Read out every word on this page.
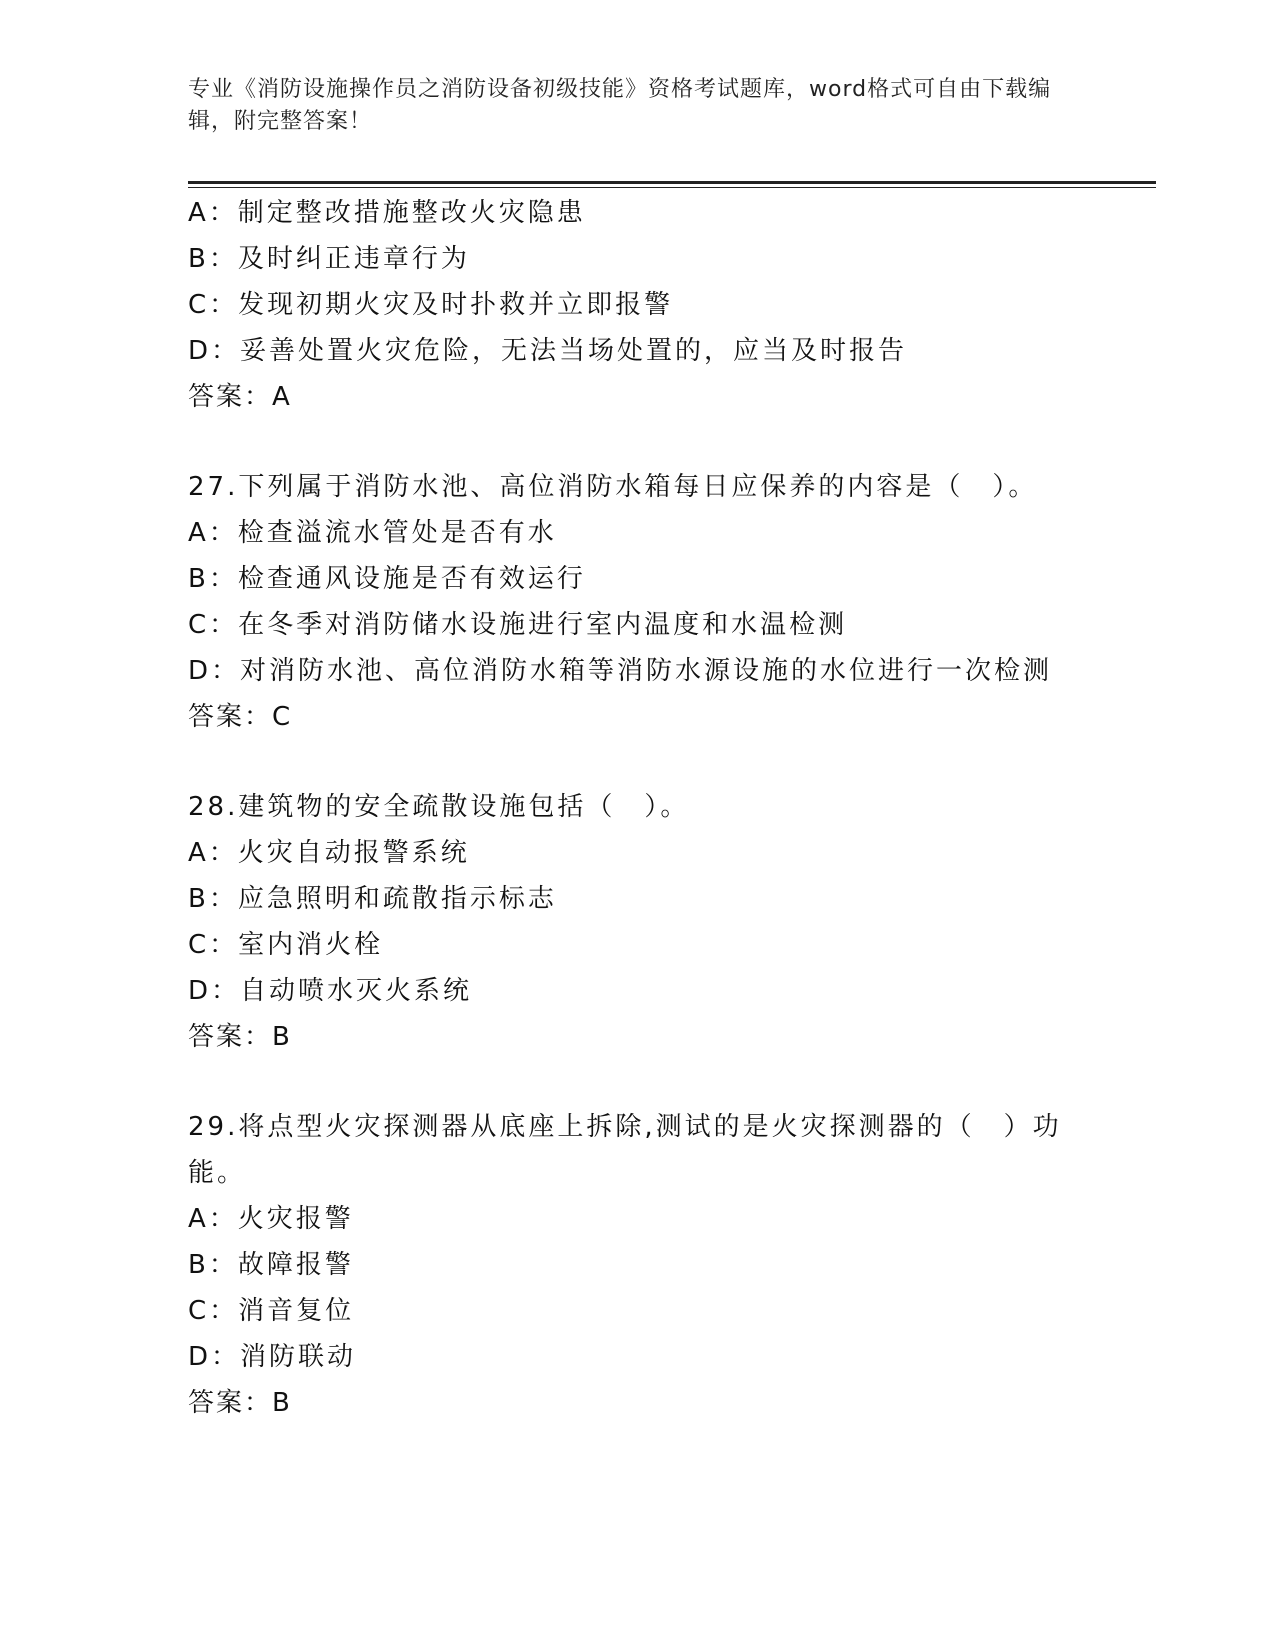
专业《消防设施操作员之消防设备初级技能》资格考试题库，word格式可自由下载编辑，附完整答案！
A：制定整改措施整改火灾隐患
B：及时纠正违章行为
C：发现初期火灾及时扑救并立即报警
D：妥善处置火灾危险，无法当场处置的，应当及时报告
答案：A
27.下列属于消防水池、高位消防水箱每日应保养的内容是（　）。
A：检查溢流水管处是否有水
B：检查通风设施是否有效运行
C：在冬季对消防储水设施进行室内温度和水温检测
D：对消防水池、高位消防水箱等消防水源设施的水位进行一次检测
答案：C
28.建筑物的安全疏散设施包括（　）。
A：火灾自动报警系统
B：应急照明和疏散指示标志
C：室内消火栓
D：自动喷水灭火系统
答案：B
29.将点型火灾探测器从底座上拆除,测试的是火灾探测器的（　）功能。
A：火灾报警
B：故障报警
C：消音复位
D：消防联动
答案：B
